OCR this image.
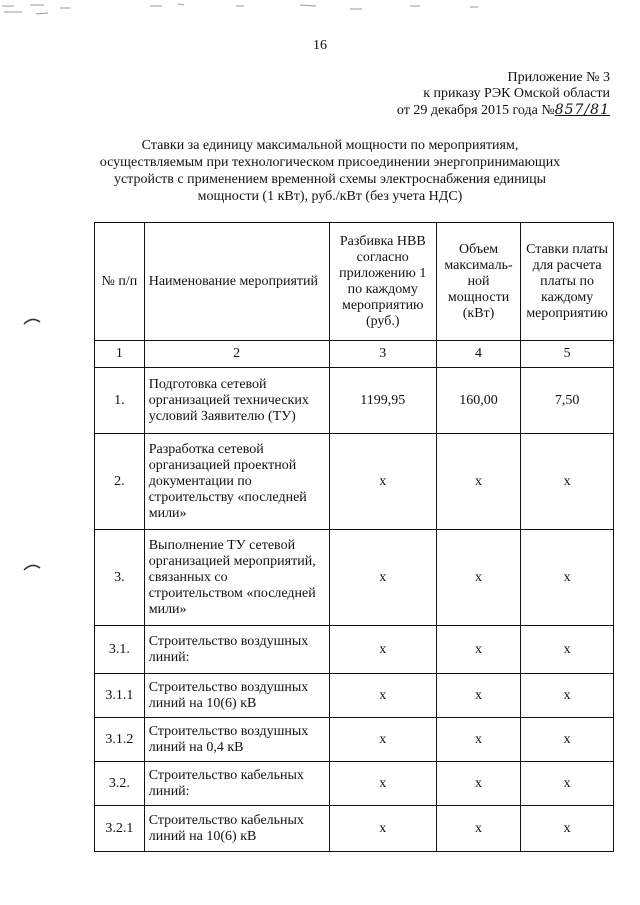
16
Приложение № 3
к приказу РЭК Омской области
от 29 декабря 2015 года №857/81
Ставки за единицу максимальной мощности по мероприятиям,
осуществляемым при технологическом присоединении энергопринимающих
устройств с применением временной схемы электроснабжения единицы
мощности (1 кВт), руб./кВт (без учета НДС)
№ п/п	Наименование мероприятий	Разбивка НВВ согласно приложению 1 по каждому мероприятию (руб.)	Объем максималь-ной мощности (кВт)	Ставки платы для расчета платы по каждому мероприятию
1	2	3	4	5
1.	Подготовка сетевой организацией технических условий Заявителю (ТУ)	1199,95	160,00	7,50
2.	Разработка сетевой организацией проектной документации по строительству «последней мили»	x	x	x
3.	Выполнение ТУ сетевой организацией мероприятий, связанных со строительством «последней мили»	x	x	x
3.1.	Строительство воздушных линий:	x	x	x
3.1.1	Строительство воздушных линий на 10(6) кВ	x	x	x
3.1.2	Строительство воздушных линий на 0,4 кВ	x	x	x
3.2.	Строительство кабельных линий:	x	x	x
3.2.1	Строительство кабельных линий на 10(6) кВ	x	x	x
